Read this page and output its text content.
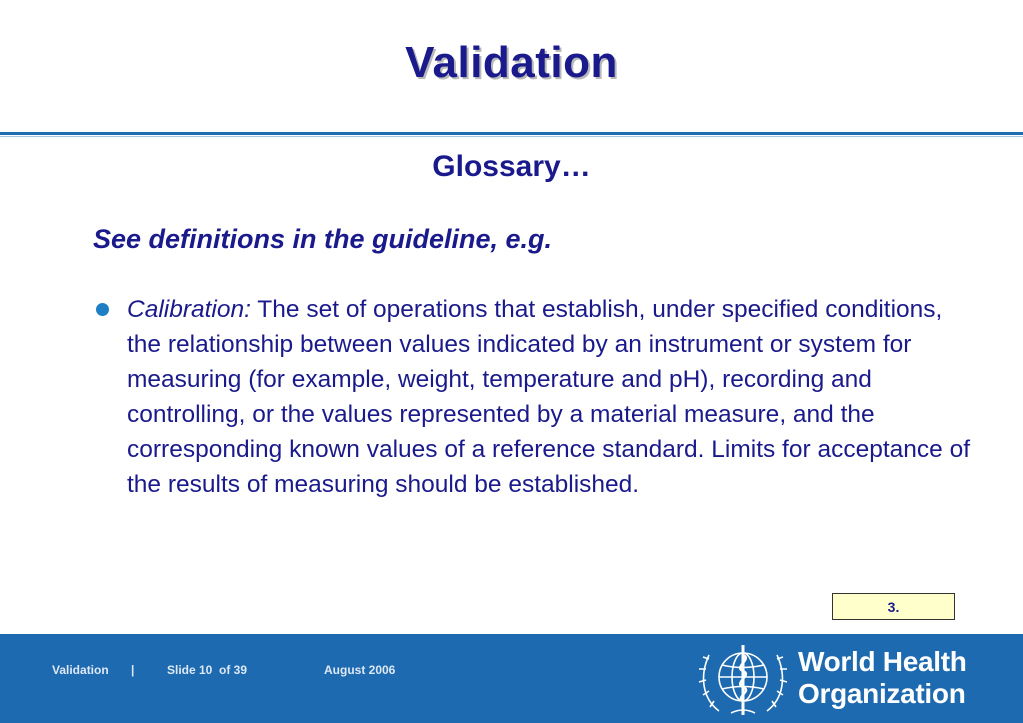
Validation
Glossary…
See definitions in the guideline, e.g.
Calibration: The set of operations that establish, under specified conditions, the relationship between values indicated by an instrument or system for measuring (for example, weight, temperature and pH), recording and controlling, or the values represented by a material measure, and the corresponding known values of a reference standard. Limits for acceptance of the results of measuring should be established.
3.
Validation |	Slide 10  of 39	August 2006	World Health
Organization
